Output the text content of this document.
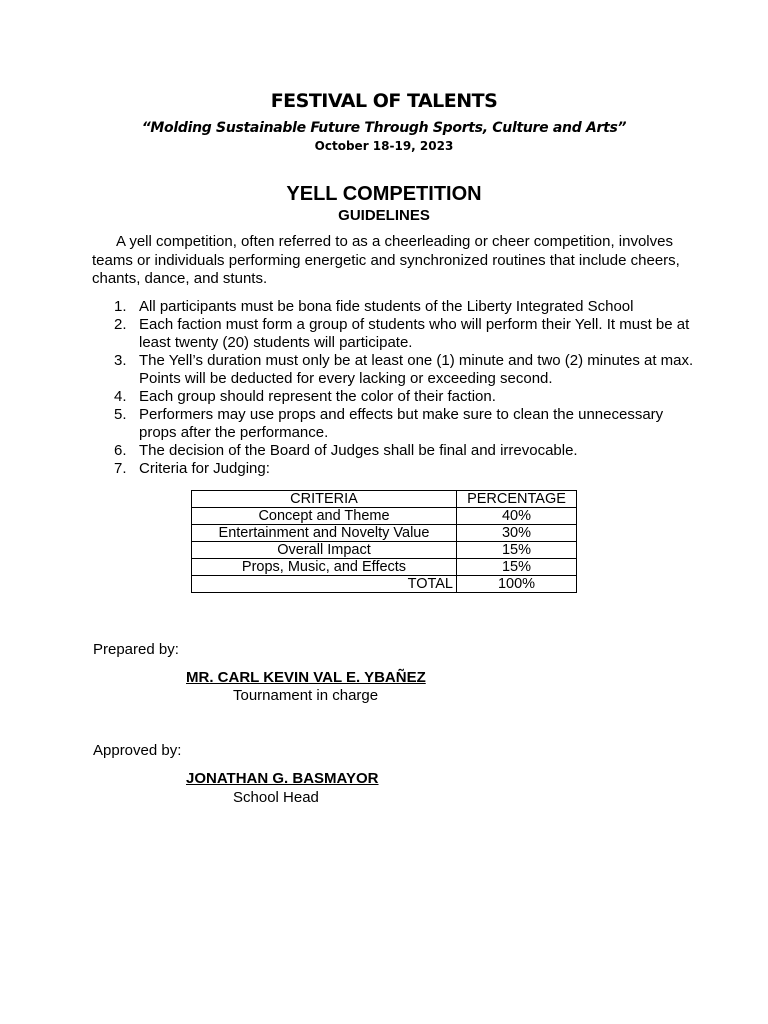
FESTIVAL OF TALENTS
“Molding Sustainable Future Through Sports, Culture and Arts”
October 18-19, 2023
YELL COMPETITION
GUIDELINES

A yell competition, often referred to as a cheerleading or cheer competition, involves teams or individuals performing energetic and synchronized routines that include cheers, chants, dance, and stunts.

1. All participants must be bona fide students of the Liberty Integrated School
2. Each faction must form a group of students who will perform their Yell. It must be at least twenty (20) students will participate.
3. The Yell’s duration must only be at least one (1) minute and two (2) minutes at max. Points will be deducted for every lacking or exceeding second.
4. Each group should represent the color of their faction.
5. Performers may use props and effects but make sure to clean the unnecessary props after the performance.
6. The decision of the Board of Judges shall be final and irrevocable.
7. Criteria for Judging:
CRITERIA	PERCENTAGE
Concept and Theme	40%
Entertainment and Novelty Value	30%
Overall Impact	15%
Props, Music, and Effects	15%
TOTAL	100%
Prepared by:
MR. CARL KEVIN VAL E. YBAÑEZ
Tournament in charge
Approved by:
JONATHAN G. BASMAYOR
School Head
